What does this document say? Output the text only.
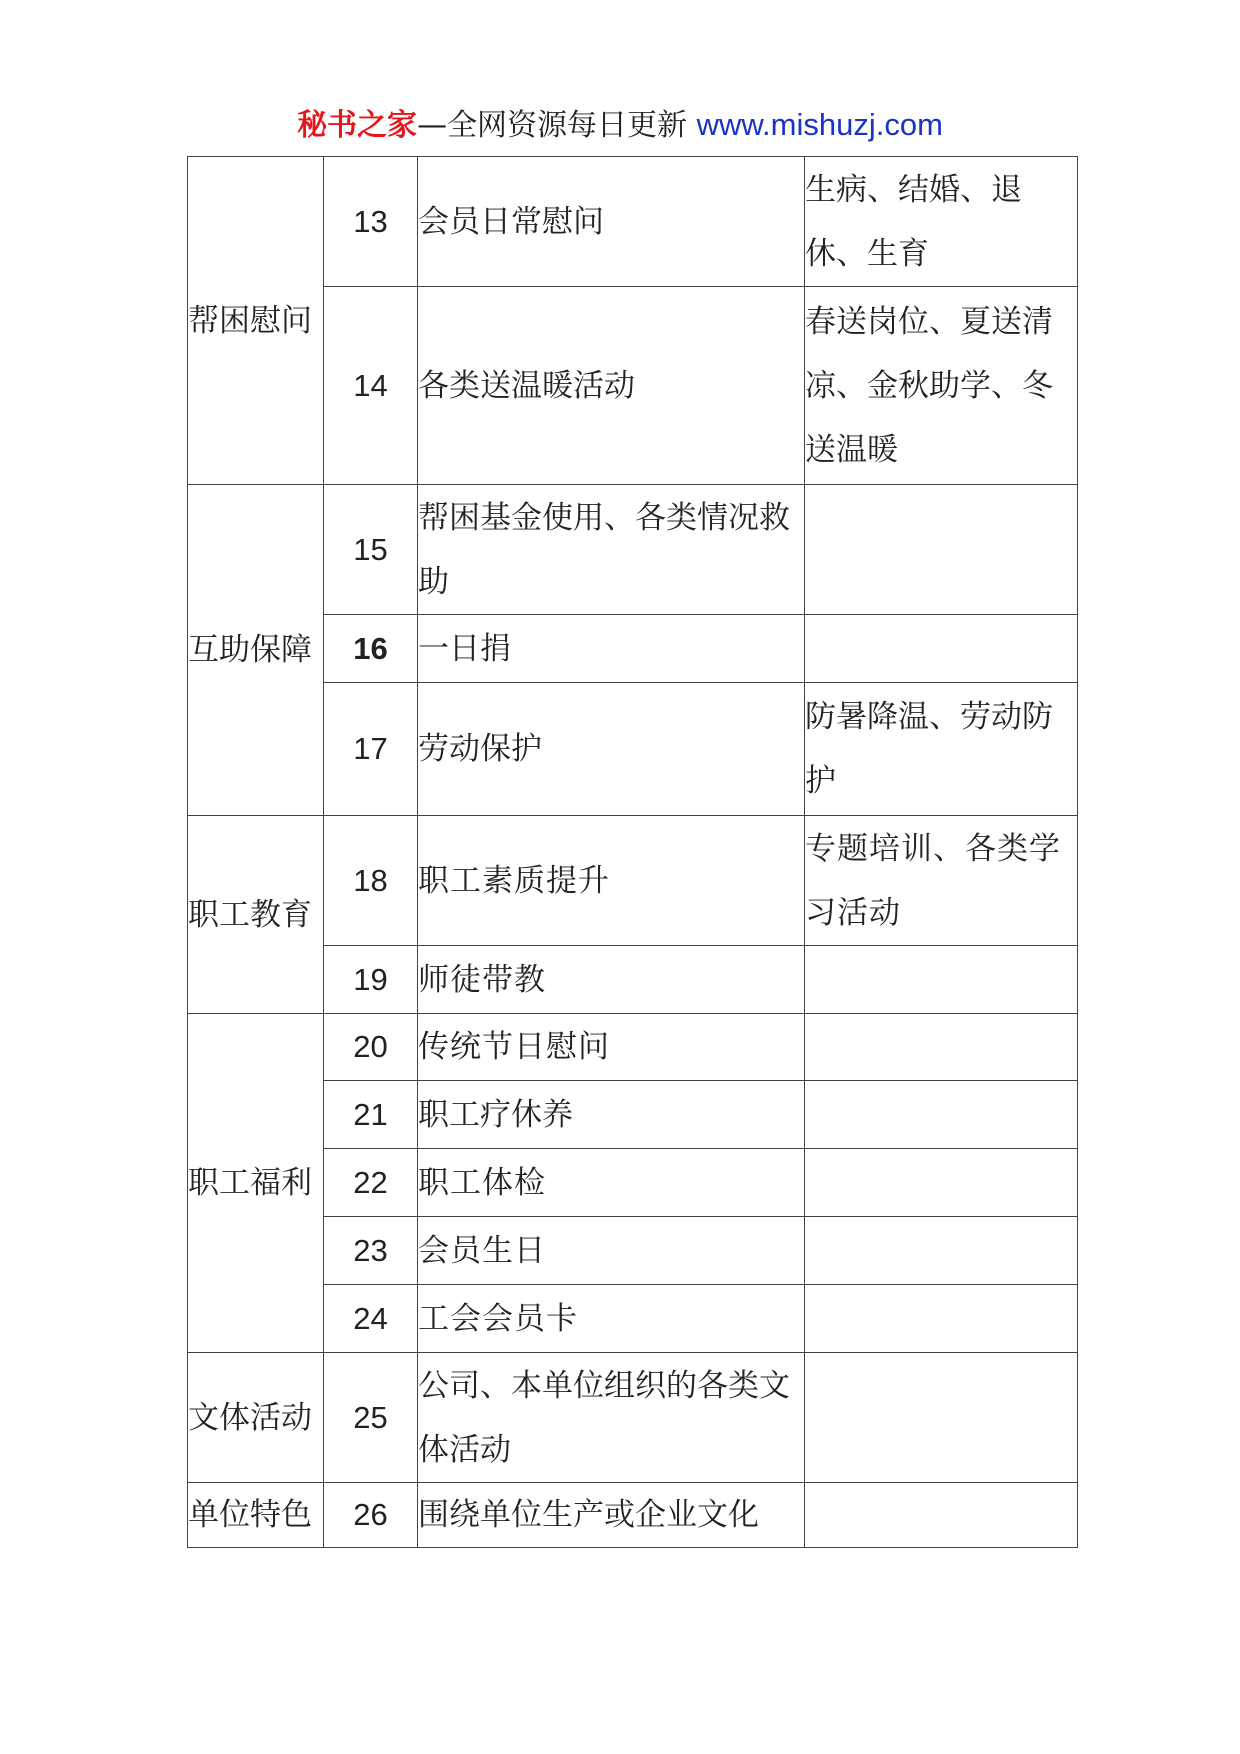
秘书之家—全网资源每日更新 www.mishuzj.com
帮困慰问	13	会员日常慰问	生病、结婚、退休、生育
	14	各类送温暖活动	春送岗位、夏送清凉、金秋助学、冬送温暖
互助保障	15	帮困基金使用、各类情况救助	
	16	一日捐	
	17	劳动保护	防暑降温、劳动防护
职工教育	18	职工素质提升	专题培训、各类学习活动
	19	师徒带教	
职工福利	20	传统节日慰问	
	21	职工疗休养	
	22	职工体检	
	23	会员生日	
	24	工会会员卡	
文体活动	25	公司、本单位组织的各类文体活动	
单位特色	26	围绕单位生产或企业文化	
